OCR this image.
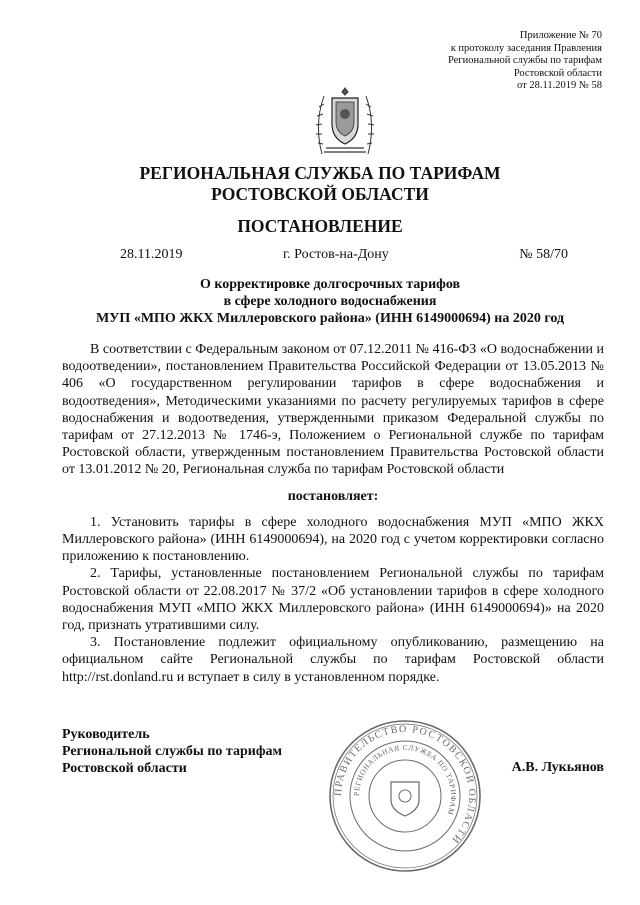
Приложение № 70
к протоколу заседания Правления
Региональной службы по тарифам
Ростовской области
от 28.11.2019 № 58
РЕГИОНАЛЬНАЯ СЛУЖБА ПО ТАРИФАМ
РОСТОВСКОЙ ОБЛАСТИ
ПОСТАНОВЛЕНИЕ
28.11.2019	г. Ростов-на-Дону	№ 58/70
О корректировке долгосрочных тарифов
в сфере холодного водоснабжения
МУП «МПО ЖКХ Миллеровского района» (ИНН 6149000694) на 2020 год

В соответствии с Федеральным законом от 07.12.2011 № 416-ФЗ «О водоснабжении и водоотведении», постановлением Правительства Российской Федерации от 13.05.2013 № 406 «О государственном регулировании тарифов в сфере водоснабжения и водоотведения», Методическими указаниями по расчету регулируемых тарифов в сфере водоснабжения и водоотведения, утвержденными приказом Федеральной службы по тарифам от 27.12.2013 № 1746-э, Положением о Региональной службе по тарифам Ростовской области, утвержденным постановлением Правительства Ростовской области от 13.01.2012 № 20, Региональная служба по тарифам Ростовской области

постановляет:

1. Установить тарифы в сфере холодного водоснабжения МУП «МПО ЖКХ Миллеровского района» (ИНН 6149000694), на 2020 год с учетом корректировки согласно приложению к постановлению.

2. Тарифы, установленные постановлением Региональной службы по тарифам Ростовской области от 22.08.2017 № 37/2 «Об установлении тарифов в сфере холодного водоснабжения МУП «МПО ЖКХ Миллеровского района» (ИНН 6149000694)» на 2020 год, признать утратившими силу.

3. Постановление подлежит официальному опубликованию, размещению на официальном сайте Региональной службы по тарифам Ростовской области http://rst.donland.ru и вступает в силу в установленном порядке.

Руководитель
Региональной службы по тарифам
Ростовской области	А.В. Лукьянов
ПРАВИТЕЛЬСТВО РОСТОВСКОЙ ОБЛАСТИ
РЕГИОНАЛЬНАЯ СЛУЖБА ПО ТАРИФАМ
